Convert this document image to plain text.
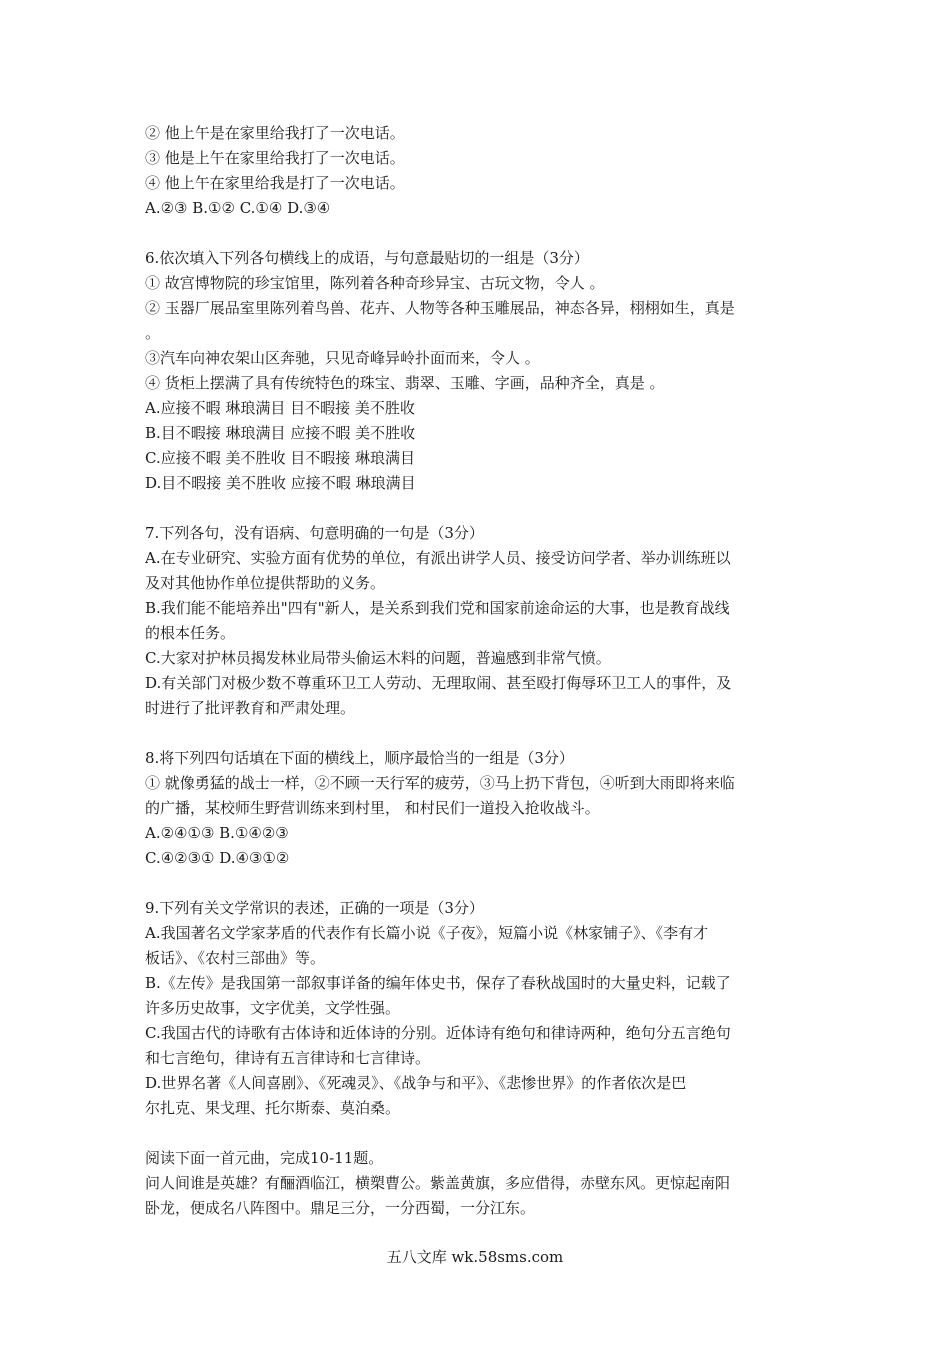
② 他上午是在家里给我打了一次电话。
③ 他是上午在家里给我打了一次电话。
④ 他上午在家里给我是打了一次电话。
A.②③ B.①② C.①④ D.③④
6.依次填入下列各句横线上的成语，与句意最贴切的一组是（3分）
① 故宫博物院的珍宝馆里，陈列着各种奇珍异宝、古玩文物，令人 。
② 玉器厂展品室里陈列着鸟兽、花卉、人物等各种玉雕展品，神态各异，栩栩如生，真是
。
③汽车向神农架山区奔驰，只见奇峰异岭扑面而来，令人 。
④ 货柜上摆满了具有传统特色的珠宝、翡翠、玉雕、字画，品种齐全，真是 。
A.应接不暇 琳琅满目 目不暇接 美不胜收
B.目不暇接 琳琅满目 应接不暇 美不胜收
C.应接不暇 美不胜收 目不暇接 琳琅满目
D.目不暇接 美不胜收 应接不暇 琳琅满目
7.下列各句，没有语病、句意明确的一句是（3分）
A.在专业研究、实验方面有优势的单位，有派出讲学人员、接受访问学者、举办训练班以
及对其他协作单位提供帮助的义务。
B.我们能不能培养出"四有"新人，是关系到我们党和国家前途命运的大事，也是教育战线
的根本任务。
C.大家对护林员揭发林业局带头偷运木料的问题，普遍感到非常气愤。
D.有关部门对极少数不尊重环卫工人劳动、无理取闹、甚至殴打侮辱环卫工人的事件，及
时进行了批评教育和严肃处理。
8.将下列四句话填在下面的横线上，顺序最恰当的一组是（3分）
① 就像勇猛的战士一样，②不顾一天行军的疲劳，③马上扔下背包，④听到大雨即将来临
的广播，某校师生野营训练来到村里， 和村民们一道投入抢收战斗。
A.②④①③ B.①④②③
C.④②③① D.④③①②
9.下列有关文学常识的表述，正确的一项是（3分）
A.我国著名文学家茅盾的代表作有长篇小说《子夜》，短篇小说《林家铺子》、《李有才
板话》、《农村三部曲》等。
B.《左传》是我国第一部叙事详备的编年体史书，保存了春秋战国时的大量史料，记载了
许多历史故事，文字优美，文学性强。
C.我国古代的诗歌有古体诗和近体诗的分别。近体诗有绝句和律诗两种，绝句分五言绝句
和七言绝句，律诗有五言律诗和七言律诗。
D.世界名著《人间喜剧》、《死魂灵》、《战争与和平》、《悲惨世界》的作者依次是巴
尔扎克、果戈理、托尔斯泰、莫泊桑。
阅读下面一首元曲，完成10-11题。
问人间谁是英雄？有酾酒临江，横槊曹公。紫盖黄旗，多应借得，赤壁东风。更惊起南阳
卧龙，便成名八阵图中。鼎足三分，一分西蜀，一分江东。
五八文库 wk.58sms.com
